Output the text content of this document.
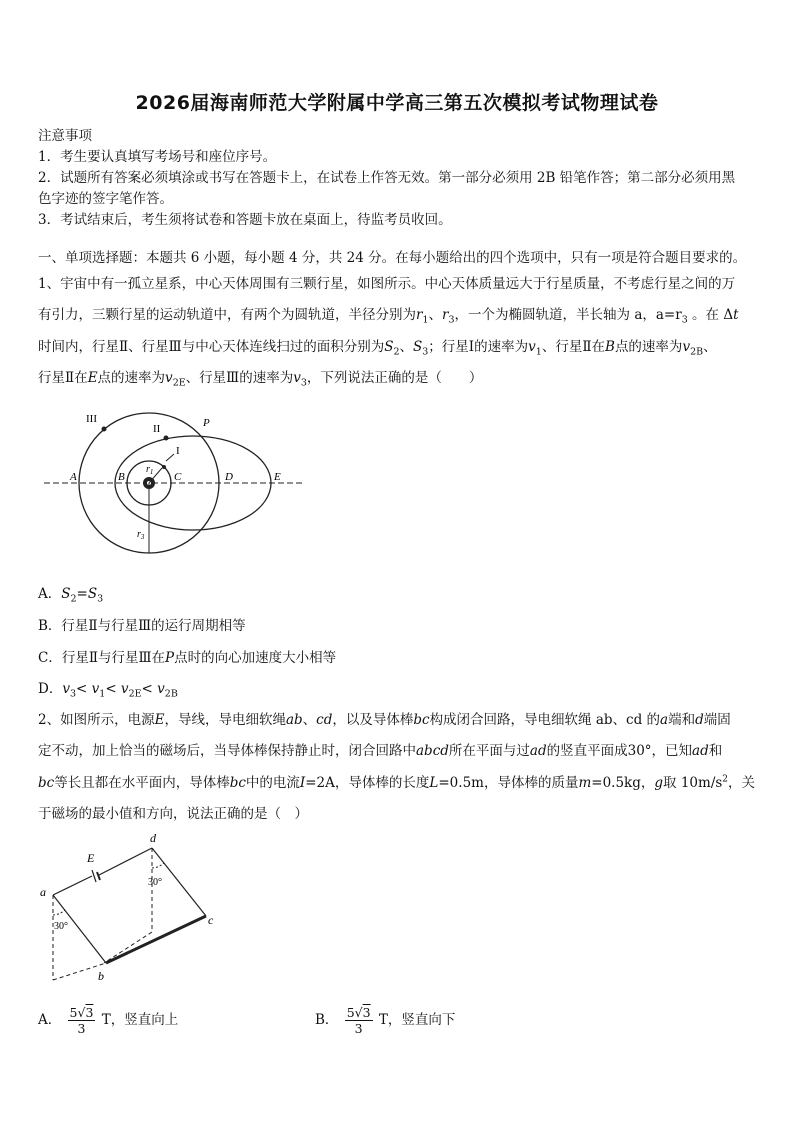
2026届海南师范大学附属中学高三第五次模拟考试物理试卷
注意事项
1．考生要认真填写考场号和座位序号。
2．试题所有答案必须填涂或书写在答题卡上，在试卷上作答无效。第一部分必须用 2B 铅笔作答；第二部分必须用黑
色字迹的签字笔作答。
3．考试结束后，考生须将试卷和答题卡放在桌面上，待监考员收回。
一、单项选择题：本题共 6 小题，每小题 4 分，共 24 分。在每小题给出的四个选项中，只有一项是符合题目要求的。
1、宇宙中有一孤立星系，中心天体周围有三颗行星，如图所示。中心天体质量远大于行星质量，不考虑行星之间的万
有引力，三颗行星的运动轨道中，有两个为圆轨道，半径分别为$r_1$、$r_3$，一个为椭圆轨道，半长轴为 a，$a=r_3$ 。在 Δt
时间内，行星Ⅱ、行星Ⅲ与中心天体连线扫过的面积分别为$S_2$、$S_3$；行星Ⅰ的速率为$v_1$、行星Ⅱ在B点的速率为$v_{2B}$、
行星Ⅱ在E点的速率为$v_{2E}$、行星Ⅲ的速率为$v_3$，下列说法正确的是（　　）
III
II
I
P
A	B	C	D	E
$r_1$
$r_3$
A．$S_2=S_3$
B．行星Ⅱ与行星Ⅲ的运行周期相等
C．行星Ⅱ与行星Ⅲ在P点时的向心加速度大小相等
D．$v_3< v_1< v_{2E}< v_{2B}$
2、如图所示，电源E，导线，导电细软绳ab、cd，以及导体棒bc构成闭合回路，导电细软绳 ab、cd 的a端和d端固
定不动，加上恰当的磁场后，当导体棒保持静止时，闭合回路中abcd所在平面与过ad的竖直平面成30°，已知ad和
bc等长且都在水平面内，导体棒bc中的电流I=2A，导体棒的长度L=0.5m，导体棒的质量m=0.5kg，g取 $10m/s^2$，关
于磁场的最小值和方向，说法正确的是（　）
a
b
c
d
E
30°
30°
A． $\frac{5√3}{3}$ T，竖直向上	B． $\frac{5√3}{3}$ T，竖直向下
